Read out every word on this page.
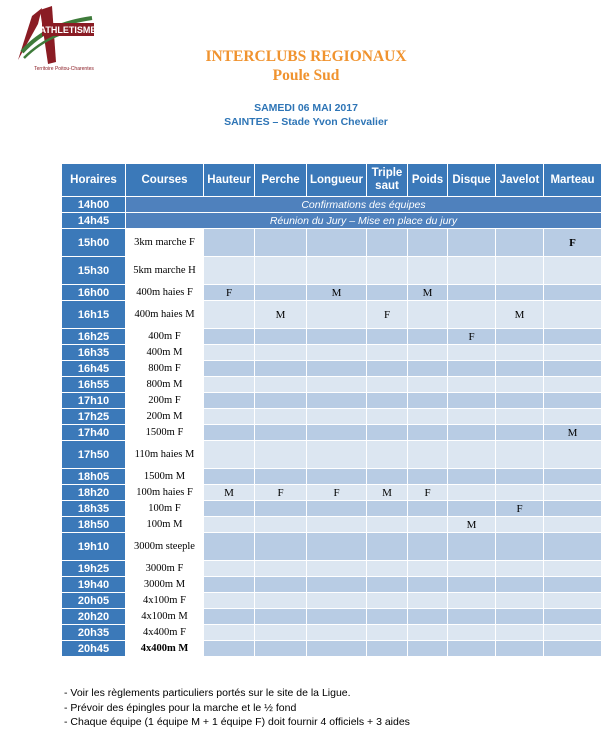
ATHLETISME
Territoire Poitou-Charentes
INTERCLUBS REGIONAUX
Poule Sud
SAMEDI 06 MAI 2017
SAINTES – Stade Yvon Chevalier
Horaires	Courses	Hauteur	Perche	Longueur	Triple saut	Poids	Disque	Javelot	Marteau
14h00	Confirmations des équipes								
14h45	Réunion du Jury – Mise en place du jury								
15h00	3km marche F								F
15h30	5km marche H								
16h00	400m haies F	F		M		M			
16h15	400m haies M		M		F			M	
16h25	400m F						F		
16h35	400m M								
16h45	800m F								
16h55	800m M								
17h10	200m F								
17h25	200m M								
17h40	1500m F								M
17h50	110m haies M								
18h05	1500m M								
18h20	100m haies F	M	F	F	M	F			
18h35	100m F							F	
18h50	100m M						M		
19h10	3000m steeple								
19h25	3000m F								
19h40	3000m M								
20h05	4x100m F								
20h20	4x100m M								
20h35	4x400m F								
20h45	4x400m M								
- Voir les règlements particuliers portés sur le site de la Ligue.
- Prévoir des épingles pour la marche et le ½ fond
- Chaque équipe (1 équipe M + 1 équipe F) doit fournir 4 officiels + 3 aides
